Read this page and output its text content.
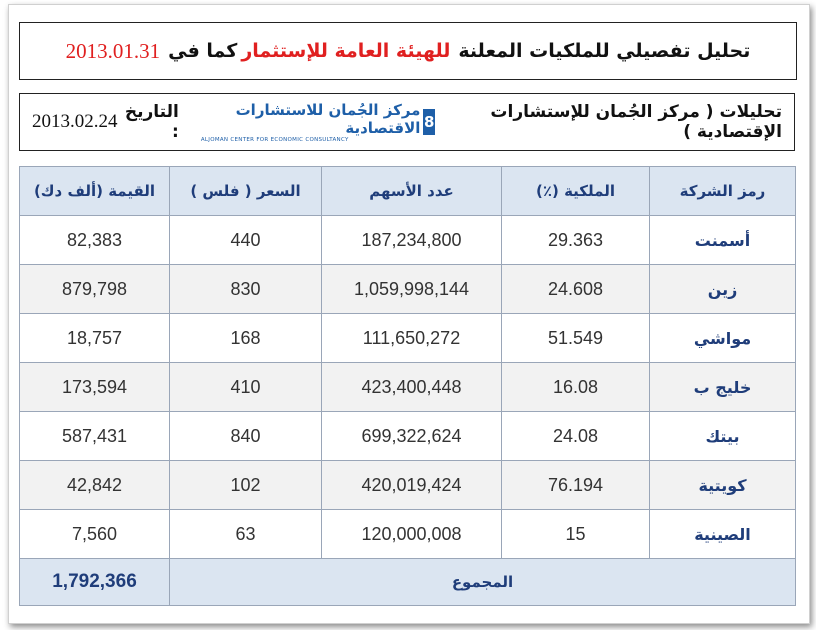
تحليل تفصيلي للملكيات المعلنة
للهيئة العامة للإستثمار
كما في
2013.01.31
تحليلات ( مركز الجُمان للإستشارات الإقتصادية )
8
مركز الجُمان للاستشارات الاقتصادية
ALJOMAN CENTER FOR ECONOMIC CONSULTANCY
التاريخ :
2013.02.24
رمز الشركة	الملكية (٪)	عدد الأسهم	السعر ( فلس )	القيمة (ألف دك)
أسمنت	29.363	187,234,800	440	82,383
زين	24.608	1,059,998,144	830	879,798
مواشي	51.549	111,650,272	168	18,757
خليج ب	16.08	423,400,448	410	173,594
بيتك	24.08	699,322,624	840	587,431
كويتية	76.194	420,019,424	102	42,842
الصينية	15	120,000,008	63	7,560
المجموع				1,792,366
